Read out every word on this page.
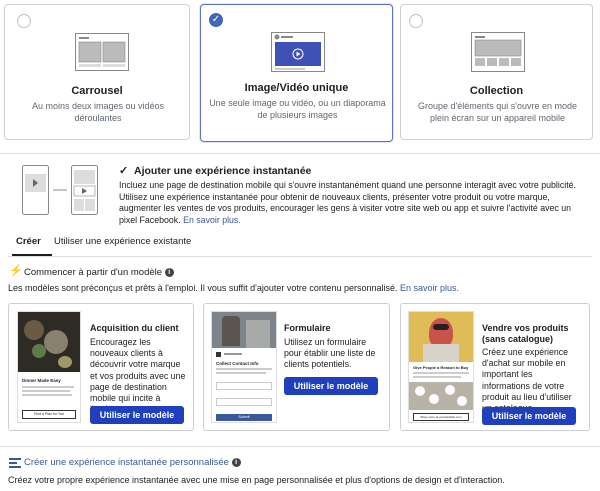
Carrousel
Au moins deux images ou vidéos déroulantes
✓
Image/Vidéo unique
Une seule image ou vidéo, ou un diaporama de plusieurs images
Collection
Groupe d'éléments qui s'ouvre en mode plein écran sur un appareil mobile
✓ Ajouter une expérience instantanée
Incluez une page de destination mobile qui s'ouvre instantanément quand une personne interagit avec votre publicité. Utilisez une expérience instantanée pour obtenir de nouveaux clients, présenter votre produit ou votre marque, augmenter les ventes de vos produits, encourager les gens à visiter votre site web ou app et suivre l'activité avec un pixel Facebook. En savoir plus.
Créer Utiliser une expérience existante
⚡ Commencer à partir d'un modèle i
Les modèles sont préconçus et prêts à l'emploi. Il vous suffit d'ajouter votre contenu personnalisé. En savoir plus.
Dinner Made Easy
Find a Plan for You
Acquisition du client
Encouragez les nouveaux clients à découvrir votre marque et vos produits avec une page de destination mobile qui incite à
Utiliser le modèle
Collect Contact Info
Submit
Formulaire
Utilisez un formulaire pour établir une liste de clients potentiels.
Utiliser le modèle
Give People a Reason to Buy
Shop more at yourwebsite.com
Vendre vos produits (sans catalogue)
Créez une expérience d'achat sur mobile en important les informations de votre produit au lieu d'utiliser
Utiliser le modèle
Créer une expérience instantanée personnalisée i
Créez votre propre expérience instantanée avec une mise en page personnalisée et plus d'options de design et d'interaction.
